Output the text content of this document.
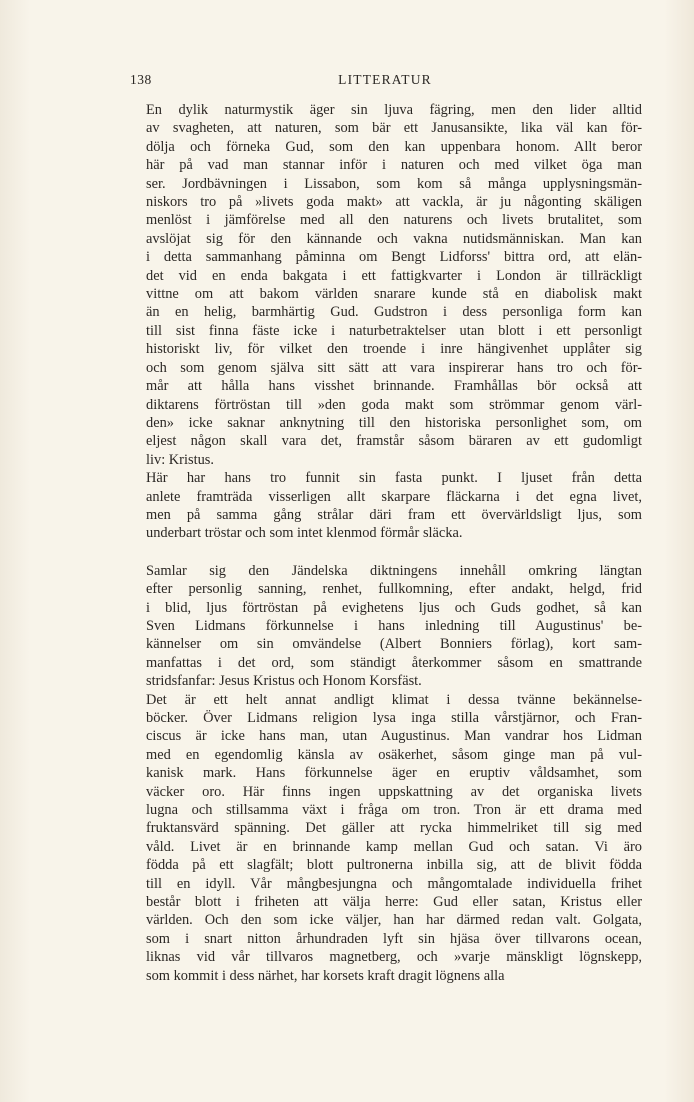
138	LITTERATUR
En dylik naturmystik äger sin ljuva fägring, men den lider alltid
av svagheten, att naturen, som bär ett Janusansikte, lika väl kan för-
dölja och förneka Gud, som den kan uppenbara honom. Allt beror
här på vad man stannar inför i naturen och med vilket öga man
ser. Jordbävningen i Lissabon, som kom så många upplysningsmän-
niskors tro på »livets goda makt» att vackla, är ju någonting skäligen
menlöst i jämförelse med all den naturens och livets brutalitet, som
avslöjat sig för den kännande och vakna nutidsmänniskan. Man kan
i detta sammanhang påminna om Bengt Lidforss' bittra ord, att elän-
det vid en enda bakgata i ett fattigkvarter i London är tillräckligt
vittne om att bakom världen snarare kunde stå en diabolisk makt
än en helig, barmhärtig Gud. Gudstron i dess personliga form kan
till sist finna fäste icke i naturbetraktelser utan blott i ett personligt
historiskt liv, för vilket den troende i inre hängivenhet upplåter sig
och som genom själva sitt sätt att vara inspirerar hans tro och för-
mår att hålla hans visshet brinnande. Framhållas bör också att
diktarens förtröstan till »den goda makt som strömmar genom värl-
den» icke saknar anknytning till den historiska personlighet som, om
eljest någon skall vara det, framstår såsom bäraren av ett gudomligt
liv: Kristus.
Här har hans tro funnit sin fasta punkt. I ljuset från detta
anlete framträda visserligen allt skarpare fläckarna i det egna livet,
men på samma gång strålar däri fram ett övervärldsligt ljus, som
underbart tröstar och som intet klenmod förmår släcka.
Samlar sig den Jändelska diktningens innehåll omkring längtan
efter personlig sanning, renhet, fullkomning, efter andakt, helgd, frid
i blid, ljus förtröstan på evighetens ljus och Guds godhet, så kan
Sven Lidmans förkunnelse i hans inledning till Augustinus' be-
kännelser om sin omvändelse (Albert Bonniers förlag), kort sam-
manfattas i det ord, som ständigt återkommer såsom en smattrande
stridsfanfar: Jesus Kristus och Honom Korsfäst.
Det är ett helt annat andligt klimat i dessa tvänne bekännelse-
böcker. Över Lidmans religion lysa inga stilla vårstjärnor, och Fran-
ciscus är icke hans man, utan Augustinus. Man vandrar hos Lidman
med en egendomlig känsla av osäkerhet, såsom ginge man på vul-
kanisk mark. Hans förkunnelse äger en eruptiv våldsamhet, som
väcker oro. Här finns ingen uppskattning av det organiska livets
lugna och stillsamma växt i fråga om tron. Tron är ett drama med
fruktansvärd spänning. Det gäller att rycka himmelriket till sig med
våld. Livet är en brinnande kamp mellan Gud och satan. Vi äro
födda på ett slagfält; blott pultronerna inbilla sig, att de blivit födda
till en idyll. Vår mångbesjungna och mångomtalade individuella frihet
består blott i friheten att välja herre: Gud eller satan, Kristus eller
världen. Och den som icke väljer, han har därmed redan valt. Golgata,
som i snart nitton århundraden lyft sin hjäsa över tillvarons ocean,
liknas vid vår tillvaros magnetberg, och »varje mänskligt lögnskepp,
som kommit i dess närhet, har korsets kraft dragit lögnens alla
